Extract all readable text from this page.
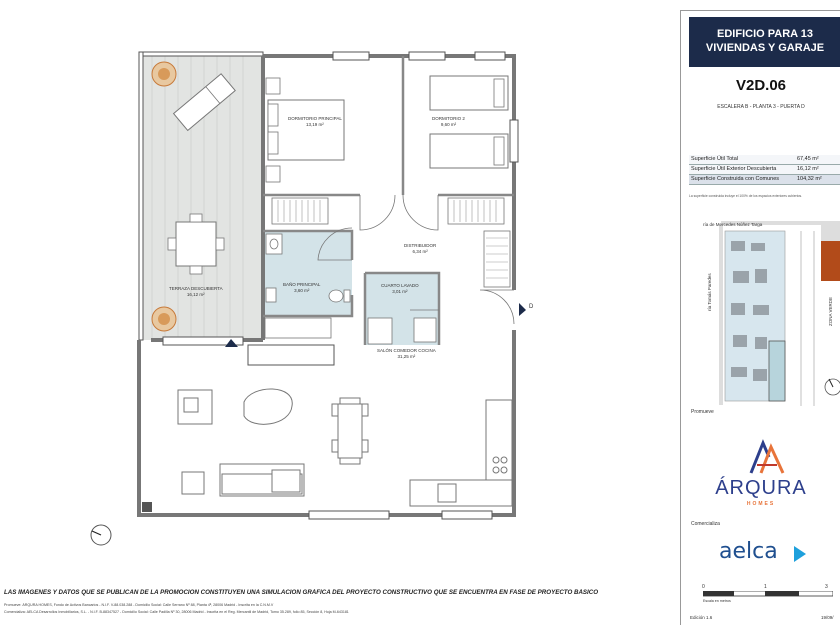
DORMITORIO PRINCIPAL
13,19 m²
DORMITORIO 2
9,60 m²
DISTRIBUIDOR
6,34 m²
BAÑO PRINCIPAL
3,60 m²
CUARTO LAVADO
3,01 m²
TERRAZA DESCUBIERTA
16,12 m²
SALÓN COMEDOR COCINA
31,25 m²
D
LAS IMÁGENES Y DATOS QUE SE PUBLICAN DE LA PROMOCIÓN CONSTITUYEN UNA SIMULACIÓN GRÁFICA DEL PROYECTO CONSTRUCTIVO QUE SE ENCUENTRA EN FASE DE PROYECTO BÁSICO
Promueve: ÁRQURA HOMES, Fondo de Activos Bancarios - N.I.F. V-88.038.288 - Domicilio Social: Calle Serrano Nº 88, Planta 4ª, 28006 Madrid - Inscrita en la C.N.M.V
Comercializa: AELCA Desarrollos Inmobiliarios, S.L. - N.I.F. B-88347527 - Domicilio Social: Calle Padilla Nº 30, 28006 Madrid - Inscrita en el Reg. Mercantil de Madrid, Tomo 35.289, folio 85, Sección 8, Hoja M-643181
EDIFICIO PARA 13
VIVIENDAS Y GARAJE
V2D.06
ESCALERA B - PLANTA 3 - PUERTA D
Superficie Útil Total	67,45 m²
Superficie Útil Exterior Descubierta	16,12 m²
Superficie Construida con Comunes	104,32 m²
La superficie construida incluye el 100% de los espacios exteriores cubiertos.
ría de Mercedes Núñez Targa
ría Tomás Paredes
ZONA VERDE
Promueve
ÁRQURA
HOMES
Comercializa
aelca
0	1	3
Escala en metros
Edición 1.6	19/09/
